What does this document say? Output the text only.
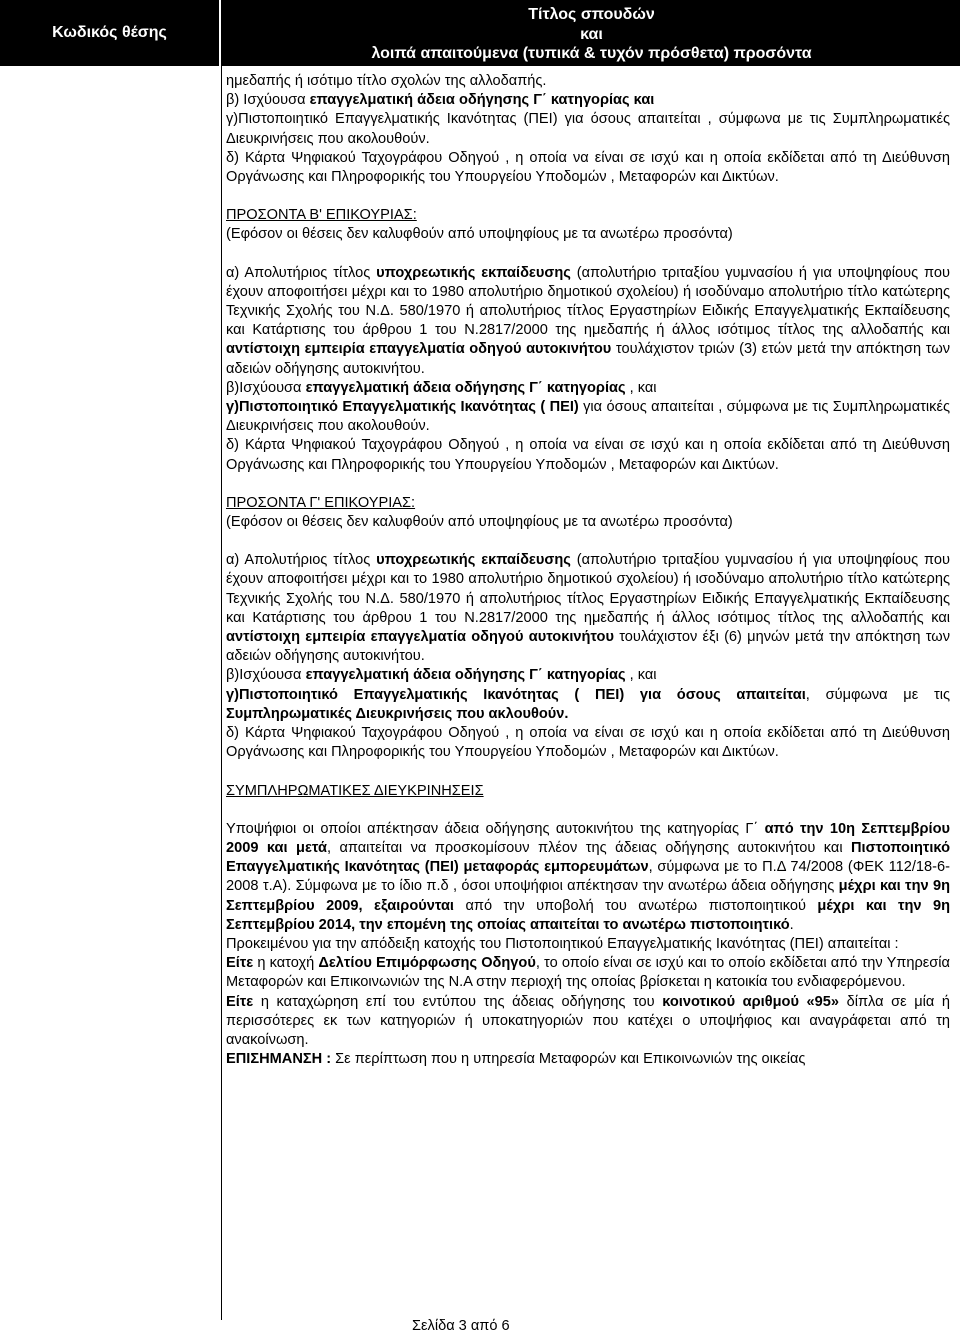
Κωδικός θέσης
Τίτλος σπουδών
και
λοιπά απαιτούμενα (τυπικά & τυχόν πρόσθετα) προσόντα

ημεδαπής ή ισότιμο τίτλο σχολών της αλλοδαπής.

β) Ισχύουσα επαγγελματική άδεια οδήγησης Γ΄ κατηγορίας και

γ)Πιστοποιητικό Επαγγελματικής Ικανότητας (ΠΕΙ) για όσους απαιτείται , σύμφωνα με τις Συμπληρωματικές Διευκρινήσεις που ακολουθούν.

δ) Κάρτα Ψηφιακού Ταχογράφου Οδηγού , η οποία να είναι σε ισχύ και η οποία εκδίδεται από τη Διεύθυνση Οργάνωσης και Πληροφορικής του Υπουργείου Υποδομών , Μεταφορών και Δικτύων.

ΠΡΟΣΟΝΤΑ Β' ΕΠΙΚΟΥΡΙΑΣ:

(Εφόσον οι θέσεις δεν καλυφθούν από υποψηφίους με τα ανωτέρω προσόντα)

α) Απολυτήριος τίτλος υποχρεωτικής εκπαίδευσης (απολυτήριο τριταξίου γυμνασίου ή για υποψηφίους που έχουν αποφοιτήσει μέχρι και το 1980 απολυτήριο δημοτικού σχολείου) ή ισοδύναμο απολυτήριο τίτλο κατώτερης Τεχνικής Σχολής του Ν.Δ. 580/1970 ή απολυτήριος τίτλος Εργαστηρίων Ειδικής Επαγγελματικής Εκπαίδευσης και Κατάρτισης του άρθρου 1 του Ν.2817/2000 της ημεδαπής ή άλλος ισότιμος τίτλος της αλλοδαπής και αντίστοιχη εμπειρία επαγγελματία οδηγού αυτοκινήτου τουλάχιστον τριών (3) ετών μετά την απόκτηση των αδειών οδήγησης αυτοκινήτου.

β)Ισχύουσα επαγγελματική άδεια οδήγησης Γ΄ κατηγορίας , και

γ)Πιστοποιητικό Επαγγελματικής Ικανότητας ( ΠΕΙ) για όσους απαιτείται , σύμφωνα με τις Συμπληρωματικές Διευκρινήσεις που ακολουθούν.

δ) Κάρτα Ψηφιακού Ταχογράφου Οδηγού , η οποία να είναι σε ισχύ και η οποία εκδίδεται από τη Διεύθυνση Οργάνωσης και Πληροφορικής του Υπουργείου Υποδομών , Μεταφορών και Δικτύων.

ΠΡΟΣΟΝΤΑ Γ' ΕΠΙΚΟΥΡΙΑΣ:

(Εφόσον οι θέσεις δεν καλυφθούν από υποψηφίους με τα ανωτέρω προσόντα)

α) Απολυτήριος τίτλος υποχρεωτικής εκπαίδευσης (απολυτήριο τριταξίου γυμνασίου ή για υποψηφίους που έχουν αποφοιτήσει μέχρι και το 1980 απολυτήριο δημοτικού σχολείου) ή ισοδύναμο απολυτήριο τίτλο κατώτερης Τεχνικής Σχολής του Ν.Δ. 580/1970 ή απολυτήριος τίτλος Εργαστηρίων Ειδικής Επαγγελματικής Εκπαίδευσης και Κατάρτισης του άρθρου 1 του Ν.2817/2000 της ημεδαπής ή άλλος ισότιμος τίτλος της αλλοδαπής και αντίστοιχη εμπειρία επαγγελματία οδηγού αυτοκινήτου τουλάχιστον έξι (6) μηνών μετά την απόκτηση των αδειών οδήγησης αυτοκινήτου.

β)Ισχύουσα επαγγελματική άδεια οδήγησης Γ΄ κατηγορίας , και

γ)Πιστοποιητικό Επαγγελματικής Ικανότητας ( ΠΕΙ) για όσους απαιτείται, σύμφωνα με τις Συμπληρωματικές Διευκρινήσεις που ακλουθούν.

δ) Κάρτα Ψηφιακού Ταχογράφου Οδηγού , η οποία να είναι σε ισχύ και η οποία εκδίδεται από τη Διεύθυνση Οργάνωσης και Πληροφορικής του Υπουργείου Υποδομών , Μεταφορών και Δικτύων.

ΣΥΜΠΛΗΡΩΜΑΤΙΚΕΣ ΔΙΕΥΚΡΙΝΗΣΕΙΣ

Υποψήφιοι οι οποίοι απέκτησαν άδεια οδήγησης αυτοκινήτου της κατηγορίας Γ΄ από την 10η Σεπτεμβρίου 2009 και μετά, απαιτείται να προσκομίσουν πλέον της άδειας οδήγησης αυτοκινήτου και Πιστοποιητικό Επαγγελματικής Ικανότητας (ΠΕΙ) μεταφοράς εμπορευμάτων, σύμφωνα με το Π.Δ 74/2008 (ΦΕΚ 112/18-6-2008 τ.Α). Σύμφωνα με το ίδιο π.δ , όσοι υποψήφιοι απέκτησαν την ανωτέρω άδεια οδήγησης μέχρι και την 9η Σεπτεμβρίου 2009, εξαιρούνται από την υποβολή του ανωτέρω πιστοποιητικού μέχρι και την 9η Σεπτεμβρίου 2014, την επομένη της οποίας απαιτείται το ανωτέρω πιστοποιητικό.

Προκειμένου για την απόδειξη κατοχής του Πιστοποιητικού Επαγγελματικής Ικανότητας (ΠΕΙ) απαιτείται :

Είτε η κατοχή Δελτίου Επιμόρφωσης Οδηγού, το οποίο είναι σε ισχύ και το οποίο εκδίδεται από την Υπηρεσία Μεταφορών και Επικοινωνιών της Ν.Α στην περιοχή της οποίας βρίσκεται η κατοικία του ενδιαφερόμενου.

Είτε η καταχώρηση επί του εντύπου της άδειας οδήγησης του κοινοτικού αριθμού «95» δίπλα σε μία ή περισσότερες εκ των κατηγοριών ή υποκατηγοριών που κατέχει ο υποψήφιος και αναγράφεται από τη ανακοίνωση.

ΕΠΙΣΗΜΑΝΣΗ : Σε περίπτωση που η υπηρεσία Μεταφορών και Επικοινωνιών της οικείας

Σελίδα 3 από 6
